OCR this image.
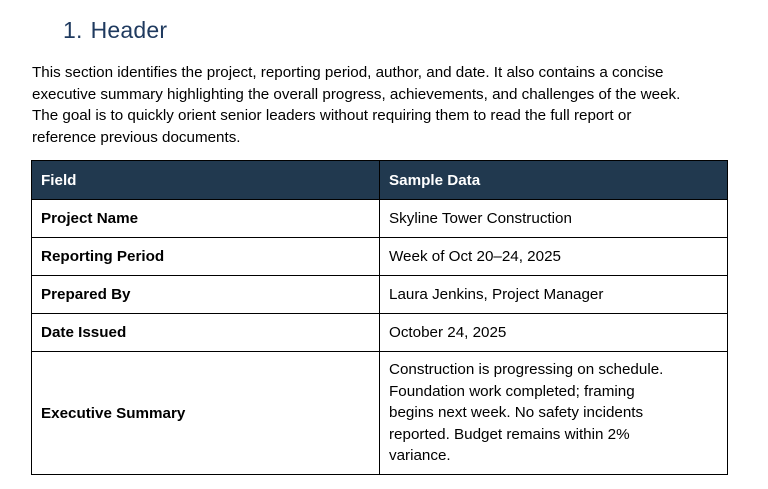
1. Header

This section identifies the project, reporting period, author, and date. It also contains a concise
executive summary highlighting the overall progress, achievements, and challenges of the week.
The goal is to quickly orient senior leaders without requiring them to read the full report or
reference previous documents.

Field	Sample Data
Project Name	Skyline Tower Construction
Reporting Period	Week of Oct 20–24, 2025
Prepared By	Laura Jenkins, Project Manager
Date Issued	October 24, 2025
Executive Summary	Construction is progressing on schedule.
Foundation work completed; framing
begins next week. No safety incidents
reported. Budget remains within 2%
variance.
